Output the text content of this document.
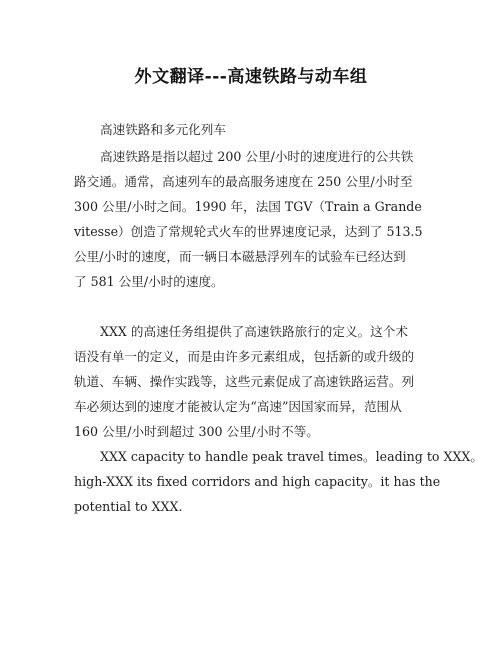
外文翻译---高速铁路与动车组
高速铁路和多元化列车
高速铁路是指以超过 200 公里/小时的速度进行的公共铁
路交通。通常，高速列车的最高服务速度在 250 公里/小时至
300 公里/小时之间。1990 年，法国 TGV（Train a Grande
vitesse）创造了常规轮式火车的世界速度记录，达到了 513.5
公里/小时的速度，而一辆日本磁悬浮列车的试验车已经达到
了 581 公里/小时的速度。
XXX 的高速任务组提供了高速铁路旅行的定义。这个术
语没有单一的定义，而是由许多元素组成，包括新的或升级的
轨道、车辆、操作实践等，这些元素促成了高速铁路运营。列
车必须达到的速度才能被认定为“高速”因国家而异，范围从
160 公里/小时到超过 300 公里/小时不等。
XXX capacity to handle peak travel times。leading to XXX。
high-XXX its fixed corridors and high capacity。it has the
potential to XXX.
